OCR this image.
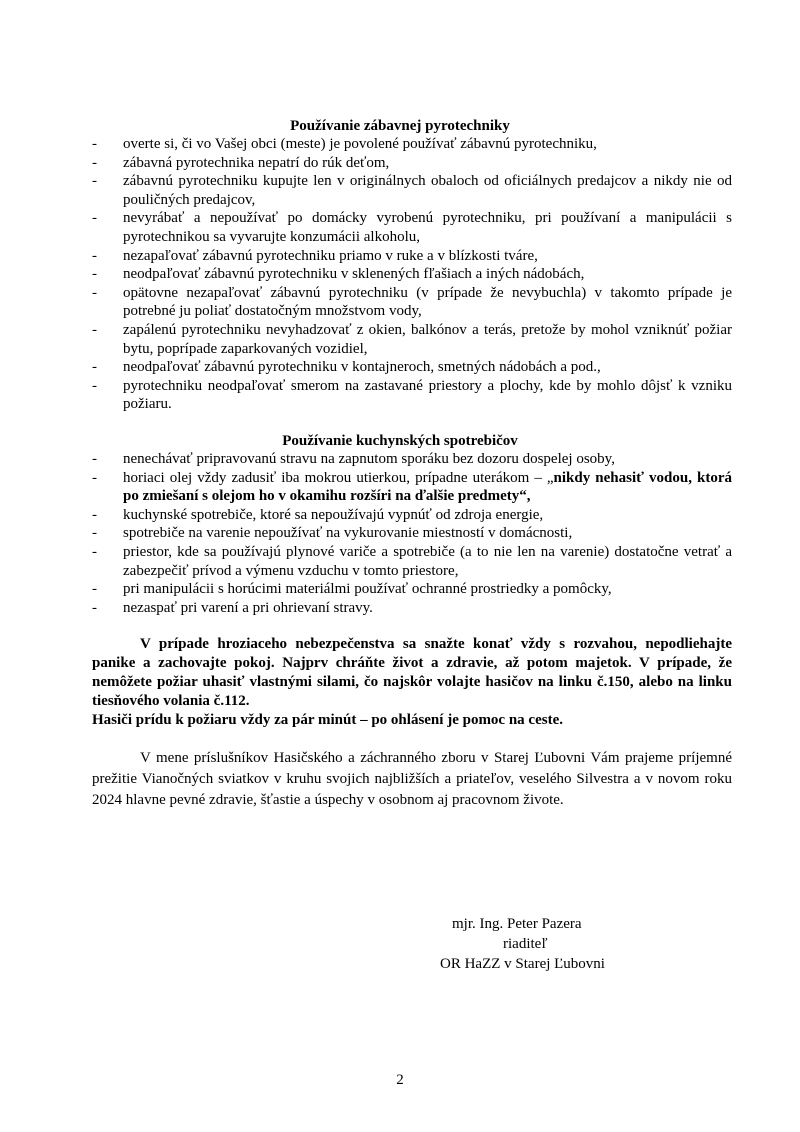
Používanie zábavnej pyrotechniky
- overte si, či vo Vašej obci (meste) je povolené používať zábavnú pyrotechniku,
- zábavná pyrotechnika nepatrí do rúk deťom,
- zábavnú pyrotechniku kupujte len v originálnych obaloch od oficiálnych predajcov a nikdy nie od pouličných predajcov,
- nevyrábať a nepoužívať po domácky vyrobenú pyrotechniku, pri používaní a manipulácii s pyrotechnikou sa vyvarujte konzumácii alkoholu,
- nezapaľovať zábavnú pyrotechniku priamo v ruke a v blízkosti tváre,
- neodpaľovať zábavnú pyrotechniku v sklenených fľašiach a iných nádobách,
- opätovne nezapaľovať zábavnú pyrotechniku (v prípade že nevybuchla) v takomto prípade je potrebné ju poliať dostatočným množstvom vody,
- zapálenú pyrotechniku nevyhadzovať z okien, balkónov a terás, pretože by mohol vzniknúť požiar bytu, poprípade zaparkovaných vozidiel,
- neodpaľovať zábavnú pyrotechniku v kontajneroch, smetných nádobách a pod.,
- pyrotechniku neodpaľovať smerom na zastavané priestory a plochy, kde by mohlo dôjsť k vzniku požiaru.
Používanie kuchynských spotrebičov
- nenechávať pripravovanú stravu na zapnutom sporáku bez dozoru dospelej osoby,
- horiaci olej vždy zadusiť iba mokrou utierkou, prípadne uterákom – „nikdy nehasiť vodou, ktorá po zmiešaní s olejom ho v okamihu rozšíri na ďalšie predmety“,
- kuchynské spotrebiče, ktoré sa nepoužívajú vypnúť od zdroja energie,
- spotrebiče na varenie nepoužívať na vykurovanie miestností v domácnosti,
- priestor, kde sa používajú plynové variče a spotrebiče (a to nie len na varenie) dostatočne vetrať a zabezpečiť prívod a výmenu vzduchu v tomto priestore,
- pri manipulácii s horúcimi materiálmi používať ochranné prostriedky a pomôcky,
- nezaspať pri varení a pri ohrievaní stravy.

V prípade hroziaceho nebezpečenstva sa snažte konať vždy s rozvahou, nepodliehajte panike a zachovajte pokoj. Najprv chráňte život a zdravie, až potom majetok. V prípade, že nemôžete požiar uhasiť vlastnými silami, čo najskôr volajte hasičov na linku č.150, alebo na linku tiesňového volania č.112.

Hasiči prídu k požiaru vždy za pár minút – po ohlásení je pomoc na ceste.

V mene príslušníkov Hasičského a záchranného zboru v Starej Ľubovni Vám prajeme príjemné prežitie Vianočných sviatkov v kruhu svojich najbližších a priateľov, veselého Silvestra a v novom roku 2024 hlavne pevné zdravie, šťastie a úspechy v osobnom aj pracovnom živote.

mjr. Ing. Peter Pazera
riaditeľ
OR HaZZ v Starej Ľubovni
2
